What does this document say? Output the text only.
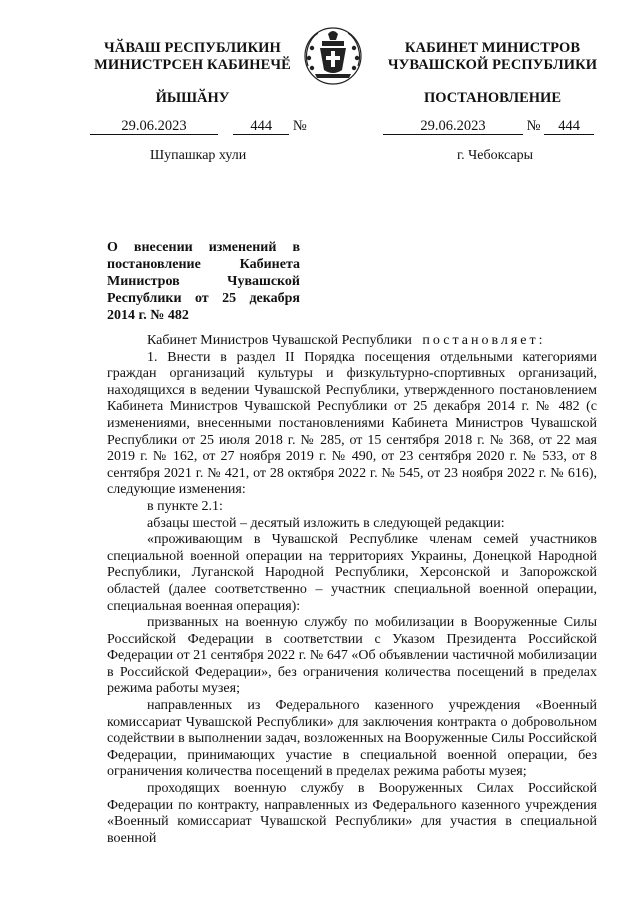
ЧӐВАШ РЕСПУБЛИКИН МИНИСТРСЕН КАБИНЕЧӖ
ЙЫШӐНУ
КАБИНЕТ МИНИСТРОВ ЧУВАШСКОЙ РЕСПУБЛИКИ
ПОСТАНОВЛЕНИЕ
29.06.2023	444 №	29.06.2023	№ 444
Шупашкар хули	г. Чебоксары
О внесении изменений в постановление Кабинета Министров Чувашской Республики от 25 декабря 2014 г. № 482

Кабинет Министров Чувашской Республики постановляет:

1. Внести в раздел II Порядка посещения отдельными категориями граждан организаций культуры и физкультурно-спортивных организаций, находящихся в ведении Чувашской Республики, утвержденного постановлением Кабинета Министров Чувашской Республики от 25 декабря 2014 г. № 482 (с изменениями, внесенными постановлениями Кабинета Министров Чувашской Республики от 25 июля 2018 г. № 285, от 15 сентября 2018 г. № 368, от 22 мая 2019 г. № 162, от 27 ноября 2019 г. № 490, от 23 сентября 2020 г. № 533, от 8 сентября 2021 г. № 421, от 28 октября 2022 г. № 545, от 23 ноября 2022 г. № 616), следующие изменения:

в пункте 2.1:

абзацы шестой – десятый изложить в следующей редакции:

«проживающим в Чувашской Республике членам семей участников специальной военной операции на территориях Украины, Донецкой Народной Республики, Луганской Народной Республики, Херсонской и Запорожской областей (далее соответственно – участник специальной военной операции, специальная военная операция):

призванных на военную службу по мобилизации в Вооруженные Силы Российской Федерации в соответствии с Указом Президента Российской Федерации от 21 сентября 2022 г. № 647 «Об объявлении частичной мобилизации в Российской Федерации», без ограничения количества посещений в пределах режима работы музея;

направленных из Федерального казенного учреждения «Военный комиссариат Чувашской Республики» для заключения контракта о добровольном содействии в выполнении задач, возложенных на Вооруженные Силы Российской Федерации, принимающих участие в специальной военной операции, без ограничения количества посещений в пределах режима работы музея;

проходящих военную службу в Вооруженных Силах Российской Федерации по контракту, направленных из Федерального казенного учреждения «Военный комиссариат Чувашской Республики» для участия в специальной военной
